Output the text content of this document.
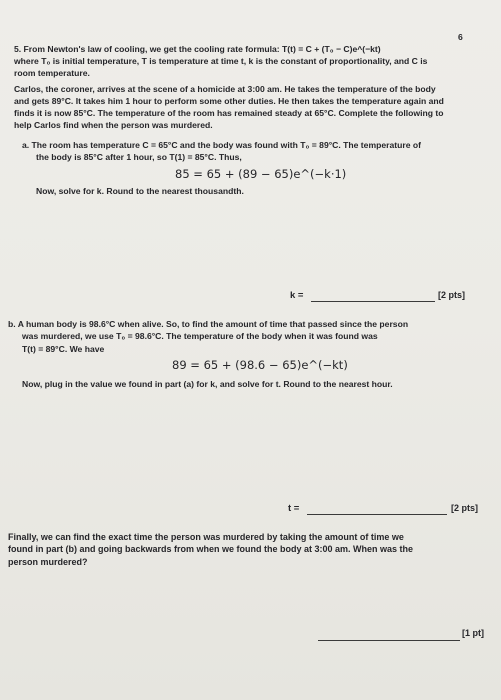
6
5. From Newton's law of cooling, we get the cooling rate formula: T(t) = C + (T₀ − C)e^(−kt)
where T₀ is initial temperature, T is temperature at time t, k is the constant of proportionality, and C is
room temperature.
Carlos, the coroner, arrives at the scene of a homicide at 3:00 am. He takes the temperature of the body
and gets 89°C. It takes him 1 hour to perform some other duties. He then takes the temperature again and
finds it is now 85°C. The temperature of the room has remained steady at 65°C. Complete the following to
help Carlos find when the person was murdered.
a. The room has temperature C = 65°C and the body was found with T₀ = 89°C. The temperature of
the body is 85°C after 1 hour, so T(1) = 85°C. Thus,
85 = 65 + (89 − 65)e^(−k·1)
Now, solve for k. Round to the nearest thousandth.
k =	[2 pts]
b. A human body is 98.6°C when alive. So, to find the amount of time that passed since the person
was murdered, we use T₀ = 98.6°C. The temperature of the body when it was found was
T(t) = 89°C. We have
89 = 65 + (98.6 − 65)e^(−kt)
Now, plug in the value we found in part (a) for k, and solve for t. Round to the nearest hour.
t =	[2 pts]
Finally, we can find the exact time the person was murdered by taking the amount of time we
found in part (b) and going backwards from when we found the body at 3:00 am. When was the
person murdered?
[1 pt]
